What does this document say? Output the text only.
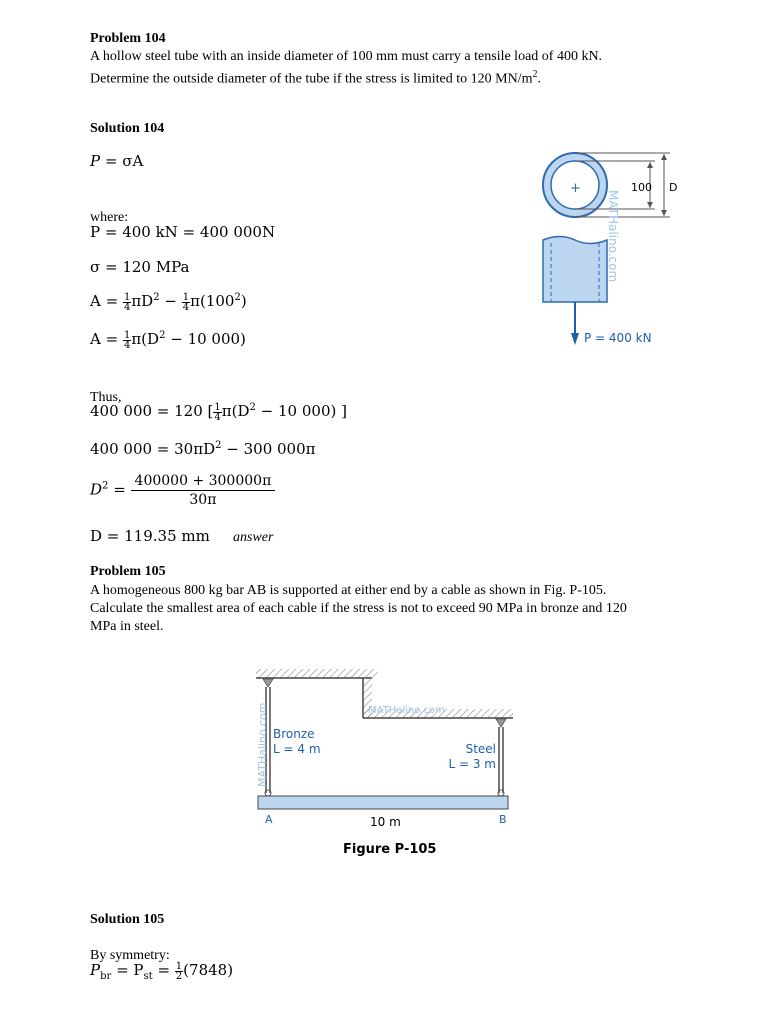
Problem 104
A hollow steel tube with an inside diameter of 100 mm must carry a tensile load of 400 kN.
Determine the outside diameter of the tube if the stress is limited to 120 $MN/m^2$.
Solution 104
P = σA
where:
P = 400 kN = 400 000N
σ = 120 MPa
$A = \frac{1}{4} \pi D^2 - \frac{1}{4} \pi(100^2)$
$A = \frac{1}{4} \pi(D^2 - 10$ 000)
Thus,
400 000 = 120 [ $\frac{1}{4} \pi(D^2 - 10$ 000) ]
400 $000 = 30\pi D^2 - 300$ 000π
$D^2 = \frac{400000 + 300000\pi}{30\pi}$
D = 119.35 mm answer
+	100 D
MATHalino.com
P = 400 kN
Problem 105
A homogeneous 800 kg bar AB is supported at either end by a cable as shown in Fig. P-105.
Calculate the smallest area of each cable if the stress is not to exceed 90 MPa in bronze and 120
MPa in steel.
Bronze
L = 4 m	Steel
L = 3 m
MATHalino.com	MATHalino.com
A	B
10 m
Figure P-105
Solution 105
By symmetry:
$P_{br} = P_{st} = \frac{1}{2} (7848)$
